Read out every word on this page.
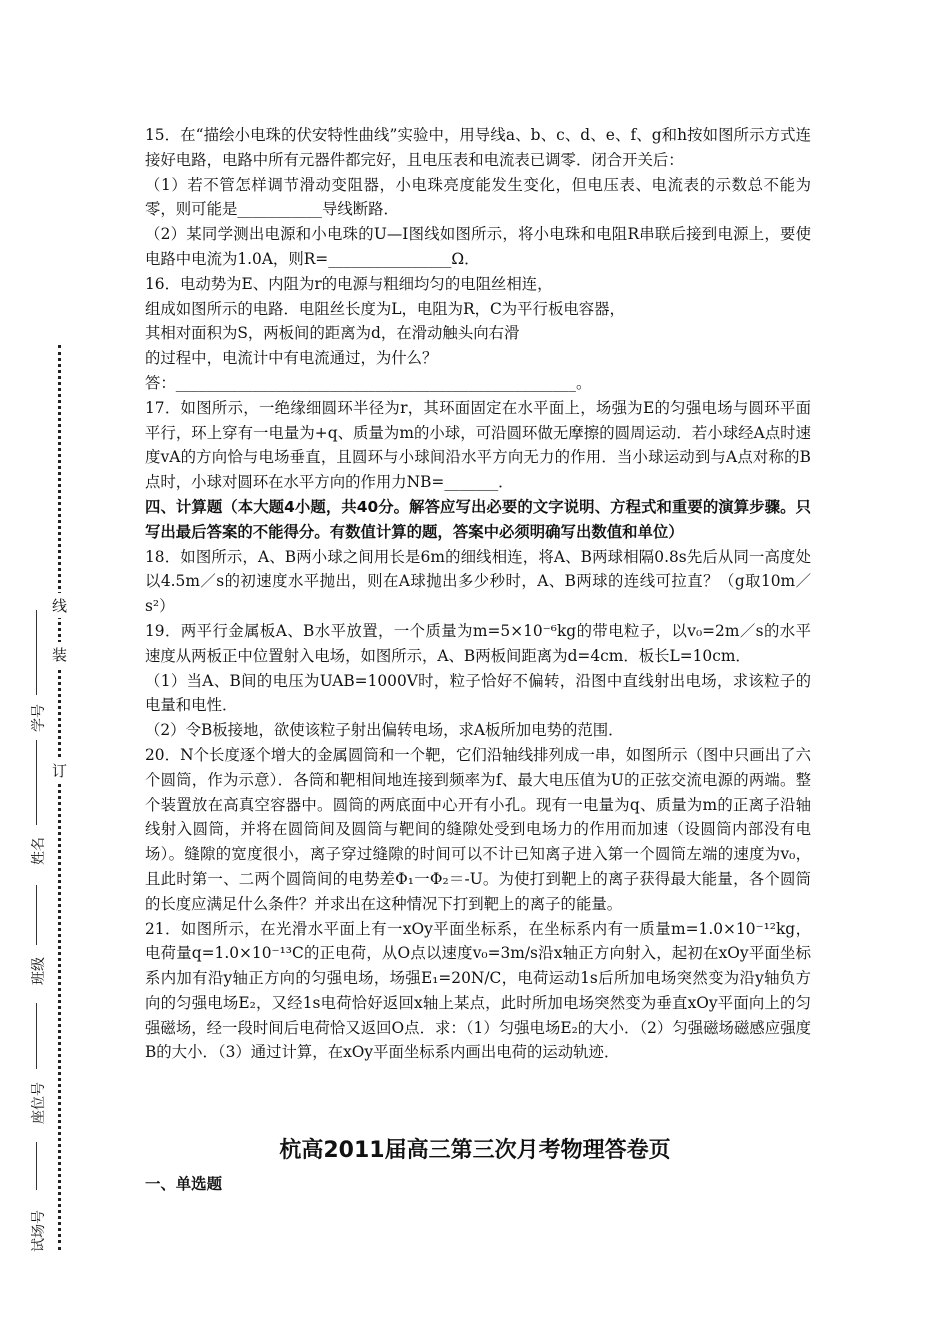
15．在“描绘小电珠的伏安特性曲线”实验中，用导线a、b、c、d、e、f、g和h按如图所示方式连接好电路，电路中所有元器件都完好，且电压表和电流表已调零．闭合开关后：

（1）若不管怎样调节滑动变阻器，小电珠亮度能发生变化，但电压表、电流表的示数总不能为零，则可能是___________导线断路．

（2）某同学测出电源和小电珠的U—I图线如图所示，将小电珠和电阻R串联后接到电源上，要使电路中电流为1.0A，则R=________________Ω．

16．电动势为E、内阻为r的电源与粗细均匀的电阻丝相连，

组成如图所示的电路．电阻丝长度为L，电阻为R，C为平行板电容器，

其相对面积为S，两板间的距离为d，在滑动触头向右滑

的过程中，电流计中有电流通过，为什么？

答：____________________________________________________。

17．如图所示，一绝缘细圆环半径为r，其环面固定在水平面上，场强为E的匀强电场与圆环平面平行，环上穿有一电量为+q、质量为m的小球，可沿圆环做无摩擦的圆周运动．若小球经A点时速度vA的方向恰与电场垂直，且圆环与小球间沿水平方向无力的作用．当小球运动到与A点对称的B点时，小球对圆环在水平方向的作用力NB=_______．

四、计算题（本大题4小题，共40分。解答应写出必要的文字说明、方程式和重要的演算步骤。只写出最后答案的不能得分。有数值计算的题，答案中必须明确写出数值和单位）

18．如图所示，A、B两小球之间用长是6m的细线相连，将A、B两球相隔0.8s先后从同一高度处以4.5m／s的初速度水平抛出，则在A球抛出多少秒时，A、B两球的连线可拉直？（g取10m／s²）

19．两平行金属板A、B水平放置，一个质量为m=5×10⁻⁶kg的带电粒子，以v₀=2m／s的水平速度从两板正中位置射入电场，如图所示，A、B两板间距离为d=4cm．板长L=10cm．

（1）当A、B间的电压为UAB=1000V时，粒子恰好不偏转，沿图中直线射出电场，求该粒子的电量和电性．

（2）令B板接地，欲使该粒子射出偏转电场，求A板所加电势的范围．

20．N个长度逐个增大的金属圆筒和一个靶，它们沿轴线排列成一串，如图所示（图中只画出了六个圆筒，作为示意）．各筒和靶相间地连接到频率为f、最大电压值为U的正弦交流电源的两端。整个装置放在高真空容器中。圆筒的两底面中心开有小孔。现有一电量为q、质量为m的正离子沿轴线射入圆筒，并将在圆筒间及圆筒与靶间的缝隙处受到电场力的作用而加速（设圆筒内部没有电场）。缝隙的宽度很小，离子穿过缝隙的时间可以不计已知离子进入第一个圆筒左端的速度为v₀，且此时第一、二两个圆筒间的电势差Φ₁一Φ₂＝-U。为使打到靶上的离子获得最大能量，各个圆筒的长度应满足什么条件？并求出在这种情况下打到靶上的离子的能量。

21．如图所示，在光滑水平面上有一xOy平面坐标系，在坐标系内有一质量m=1.0×10⁻¹²kg，电荷量q=1.0×10⁻¹³C的正电荷，从O点以速度v₀=3m/s沿x轴正方向射入，起初在xOy平面坐标系内加有沿y轴正方向的匀强电场，场强E₁=20N/C，电荷运动1s后所加电场突然变为沿y轴负方向的匀强电场E₂，又经1s电荷恰好返回x轴上某点，此时所加电场突然变为垂直xOy平面向上的匀强磁场，经一段时间后电荷恰又返回O点．求：（1）匀强电场E₂的大小．（2）匀强磁场磁感应强度B的大小．（3）通过计算，在xOy平面坐标系内画出电荷的运动轨迹．

杭高2011届高三第三次月考物理答卷页
一、单选题
装
订
线
试场号
座位号
班级
姓名
学号
